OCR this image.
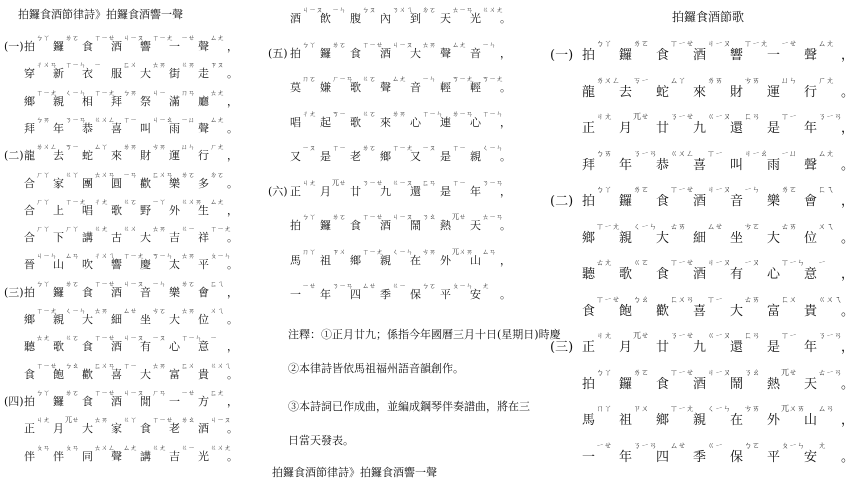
拍鑼食酒節律詩》拍鑼食酒響一聲
(一) 拍
ㄅㄚ
鑼
ㄌㄛ
食
ㄒㄧㄝ
酒
ㄐㄧㄡ
響
ㄒㄧㄤ
一
ㄧㄝ
聲
ㄙㄤ
，
穿
ㄔㄨㄢ
新
ㄒㄧㄣ
衣
ㄧ
服
ㄈㄨ
大
ㄊㄞ
街
ㄍㄞ
走
ㄗㄡ
。
鄉
ㄒㄧㄤ
親
ㄑㄧㄣ
相
ㄒㄧㄤ
拜
ㄅㄞ
祭
ㄐㄧ
滿
ㄇㄢ
廳
ㄊㄤ
，
拜
ㄅㄞ
年
ㄋㄧㄢ
恭
ㄍㄨㄥ
喜
ㄒㄧ
叫
ㄐㄧㄠ
雨
ㄧㄩ
聲
ㄙㄤ
。
(二) 龍
ㄌㄨㄥ
去
ㄎㄧ
蛇
ㄙㄚ
來
ㄌㄞ
財
ㄘㄞ
運
ㄩㄣ
行
ㄏㄤ
，
合
ㄏㄚ
家
ㄍㄚ
團
ㄊㄨㄢ
圓
ㄧㄢ
歡
ㄈㄨㄢ
樂
ㄌㄛ
多
ㄉㄛ
。
合
ㄏㄚ
上
ㄒㄧㄤ
唱
ㄔㄤ
歌
ㄍㄛ
野
ㄧㄚ
外
ㄍㄨㄞ
生
ㄙㄤ
，
合
ㄏㄚ
下
ㄏㄚ
講
ㄍㄤ
古
ㄍㄨ
大
ㄊㄞ
吉
ㄍㄧ
祥
ㄒㄧㄤ
。
晉
ㄐㄧㄣ
山
ㄙㄢ
吹
ㄔㄨㄟ
響
ㄒㄧㄤ
慶
ㄎㄧㄣ
太
ㄊㄞ
平
ㄆㄧㄣ
。
(三) 拍
ㄅㄚ
鑼
ㄌㄛ
食
ㄒㄧㄝ
酒
ㄐㄧㄡ
音
ㄧㄣ
樂
ㄌㄛ
會
ㄈㄟ
，
鄉
ㄒㄧㄤ
親
ㄑㄧㄣ
大
ㄊㄞ
細
ㄙㄝ
坐
ㄘㄛ
大
ㄊㄞ
位
ㄨㄟ
。
聽
ㄊㄤ
歌
ㄍㄛ
食
ㄒㄧㄝ
酒
ㄐㄧㄡ
有
ㄧㄡ
心
ㄒㄧㄣ
意
ㄧ
，
食
ㄒㄧㄝ
飽
ㄅㄠ
歡
ㄈㄨㄢ
喜
ㄒㄧ
大
ㄊㄞ
富
ㄈㄨ
貴
ㄍㄨㄟ
。
(四) 拍
ㄅㄚ
鑼
ㄌㄛ
食
ㄒㄧㄝ
酒
ㄐㄧㄡ
閒
ㄏㄢ
一
ㄧㄝ
方
ㄈㄤ
，
正
ㄐㄤ
月
ㄫㄝ
大
ㄊㄞ
家
ㄍㄚ
食
ㄒㄧㄝ
老
ㄌㄠ
酒
ㄐㄧㄡ
。
伴
ㄆㄢ
伴
ㄆㄢ
同
ㄊㄨㄥ
聲
ㄙㄤ
講
ㄍㄤ
吉
ㄍㄧ
光
ㄍㄨㄤ
。
注釋：①正月廿九；係指今年國曆三月十日(星期日)時慶
②本律詩皆依馬祖福州語音韻創作。
③本詩詞已作成曲，並編成鋼琴伴奏譜曲，將在三
日當天發表。
拍鑼食酒節律詩》拍鑼食酒響一聲
酒
ㄐㄧㄡ
飲
ㄧㄣ
腹
ㄅㄡ
內
ㄋㄨㄟ
到
ㄉㄛ
天
ㄊㄧㄢ
光
ㄍㄨㄤ
。
(五) 拍
ㄅㄚ
鑼
ㄌㄛ
食
ㄒㄧㄝ
酒
ㄐㄧㄡ
大
ㄊㄞ
聲
ㄙㄤ
音
ㄧㄣ
，
莫
ㄇㄛ
嫌
ㄏㄧㄢ
歌
ㄍㄛ
聲
ㄙㄤ
音
ㄧㄣ
輕
ㄎㄧㄤ
輕
ㄎㄧㄤ
。
唱
ㄔㄤ
起
ㄎㄧ
歌
ㄍㄛ
來
ㄌㄞ
心
ㄒㄧㄣ
連
ㄌㄧㄢ
心
ㄒㄧㄣ
，
又
ㄧㄡ
是
ㄒㄧ
老
ㄌㄛ
鄉
ㄒㄧㄤ
又
ㄧㄡ
是
ㄒㄧ
親
ㄑㄧㄣ
。
(六) 正
ㄐㄤ
月
ㄫㄝ
廿
ㄋㄧㄝ
九
ㄍㄧㄡ
還
ㄈㄢ
是
ㄒㄧ
年
ㄋㄧㄢ
，
拍
ㄅㄚ
鑼
ㄌㄛ
食
ㄒㄧㄝ
酒
ㄐㄧㄡ
鬧
ㄋㄠ
熱
ㄫㄝ
天
ㄊㄧㄢ
。
馬
ㄇㄚ
祖
ㄗㄨ
鄉
ㄒㄧㄤ
親
ㄑㄧㄣ
在
ㄘㄞ
外
ㄫㄨㄞ
山
ㄙㄢ
，
一
ㄧㄝ
年
ㄋㄧㄢ
四
ㄙㄝ
季
ㄍㄧ
保
ㄅㄛ
平
ㄆㄧㄣ
安
ㄤ
。
拍鑼食酒節歌
(一) 拍
ㄅㄚ
鑼
ㄌㄛ
食
ㄒㄧㄝ
酒
ㄐㄧㄡ
響
ㄒㄧㄤ
一
ㄧㄝ
聲
ㄙㄤ
，
龍
ㄌㄨㄥ
去
ㄎㄧ
蛇
ㄙㄚ
來
ㄌㄞ
財
ㄘㄞ
運
ㄩㄣ
行
ㄏㄤ
。
正
ㄐㄤ
月
ㄫㄝ
廿
ㄋㄧㄝ
九
ㄍㄧㄡ
還
ㄈㄢ
是
ㄒㄧ
年
ㄋㄧㄢ
，
拜
ㄅㄞ
年
ㄋㄧㄢ
恭
ㄍㄨㄥ
喜
ㄒㄧ
叫
ㄐㄧㄠ
雨
ㄧㄩ
聲
ㄙㄤ
。
(二) 拍
ㄅㄚ
鑼
ㄌㄛ
食
ㄒㄧㄝ
酒
ㄐㄧㄡ
音
ㄧㄣ
樂
ㄌㄛ
會
ㄈㄟ
，
鄉
ㄒㄧㄤ
親
ㄑㄧㄣ
大
ㄊㄞ
細
ㄙㄝ
坐
ㄘㄛ
大
ㄊㄞ
位
ㄨㄟ
。
聽
ㄊㄤ
歌
ㄍㄛ
食
ㄒㄧㄝ
酒
ㄐㄧㄡ
有
ㄧㄡ
心
ㄒㄧㄣ
意
ㄧ
，
食
ㄒㄧㄝ
飽
ㄅㄠ
歡
ㄈㄨㄢ
喜
ㄒㄧ
大
ㄊㄞ
富
ㄈㄨ
貴
ㄍㄨㄟ
。
(三) 正
ㄐㄤ
月
ㄫㄝ
廿
ㄋㄧㄝ
九
ㄍㄧㄡ
還
ㄈㄢ
是
ㄒㄧ
年
ㄋㄧㄢ
，
拍
ㄅㄚ
鑼
ㄌㄛ
食
ㄒㄧㄝ
酒
ㄐㄧㄡ
鬧
ㄋㄠ
熱
ㄫㄝ
天
ㄊㄧㄢ
。
馬
ㄇㄚ
祖
ㄗㄨ
鄉
ㄒㄧㄤ
親
ㄑㄧㄣ
在
ㄘㄞ
外
ㄫㄨㄞ
山
ㄙㄢ
，
一
ㄧㄝ
年
ㄋㄧㄢ
四
ㄙㄝ
季
ㄍㄧ
保
ㄅㄛ
平
ㄆㄧㄣ
安
ㄤ
。
